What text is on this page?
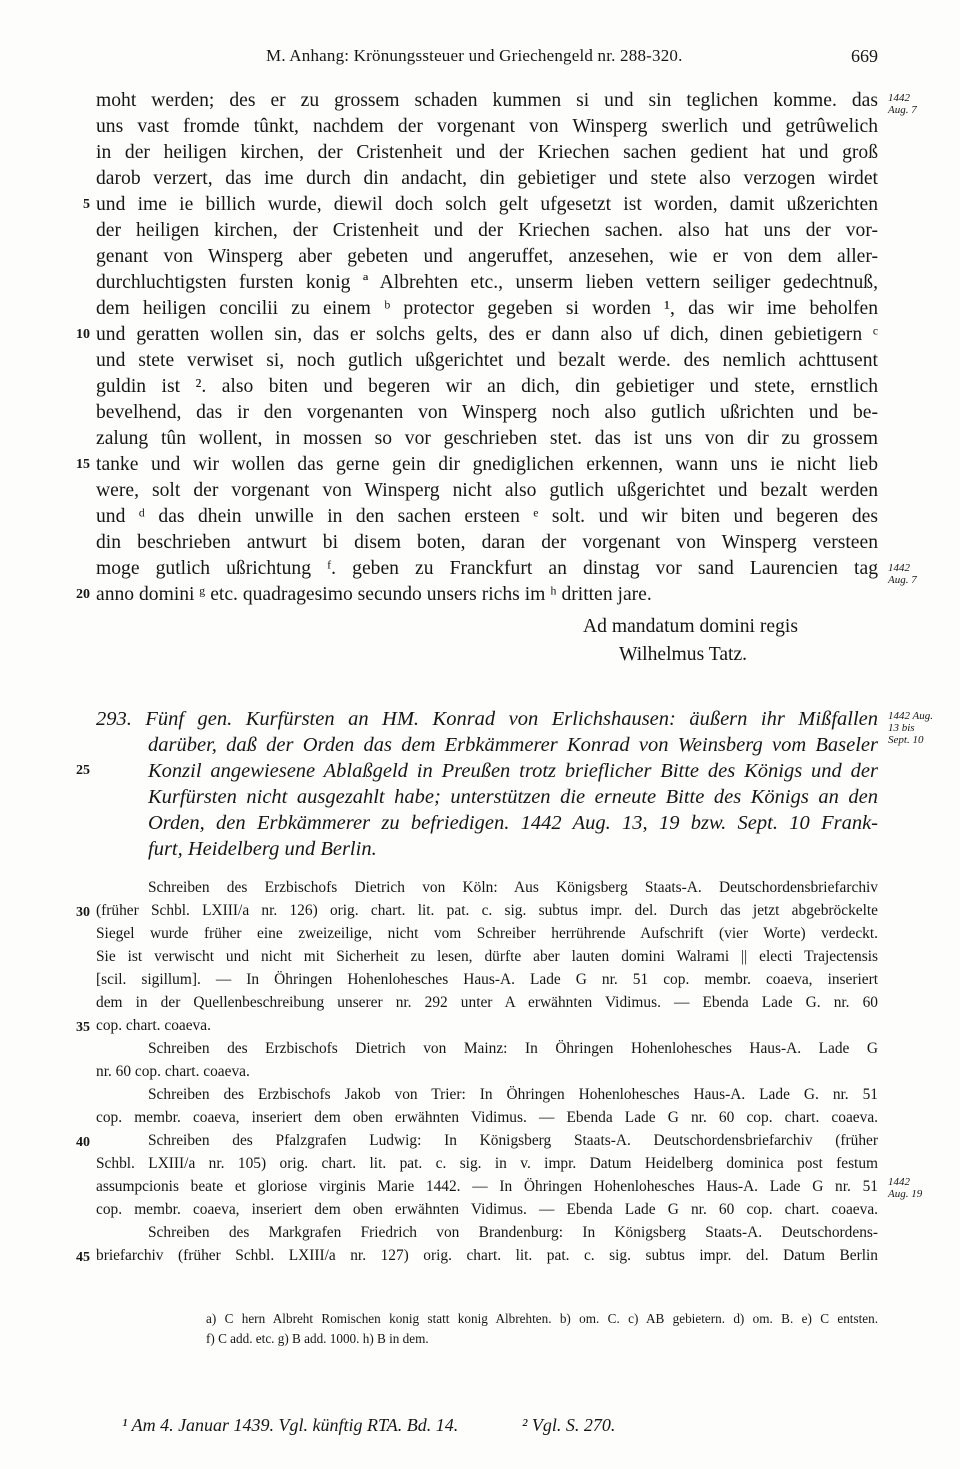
M. Anhang: Krönungssteuer und Griechengeld nr. 288-320.	669
moht werden; des er zu grossem schaden kummen si und sin teglichen komme. das
uns vast fromde tûnkt, nachdem der vorgenant von Winsperg swerlich und getrûwelich
in der heiligen kirchen, der Cristenheit und der Kriechen sachen gedient hat und groß
darob verzert, das ime durch din andacht, din gebietiger und stete also verzogen wirdet
und ime ie billich wurde, diewil doch solch gelt ufgesetzt ist worden, damit ußzerichten
der heiligen kirchen, der Cristenheit und der Kriechen sachen. also hat uns der vor-
genant von Winsperg aber gebeten und angeruffet, anzesehen, wie er von dem aller-
durchluchtigsten fursten konig ª Albrehten etc., unserm lieben vettern seiliger gedechtnuß,
dem heiligen concilii zu einem ᵇ protector gegeben si worden ¹, das wir ime beholfen
und geratten wollen sin, das er solchs gelts, des er dann also uf dich, dinen gebietigern ᶜ
und stete verwiset si, noch gutlich ußgerichtet und bezalt werde. des nemlich achttusent
guldin ist ². also biten und begeren wir an dich, din gebietiger und stete, ernstlich
bevelhend, das ir den vorgenanten von Winsperg noch also gutlich ußrichten und be-
zalung tûn wollent, in mossen so vor geschrieben stet. das ist uns von dir zu grossem
tanke und wir wollen das gerne gein dir gnediglichen erkennen, wann uns ie nicht lieb
were, solt der vorgenant von Winsperg nicht also gutlich ußgerichtet und bezalt werden
und ᵈ das dhein unwille in den sachen ersteen ᵉ solt. und wir biten und begeren des
din beschrieben antwurt bi disem boten, daran der vorgenant von Winsperg versteen
moge gutlich ußrichtung ᶠ. geben zu Franckfurt an dinstag vor sand Laurencien tag
anno domini ᵍ etc. quadragesimo secundo unsers richs im ʰ dritten jare.
Ad mandatum domini regis
Wilhelmus Tatz.
293. Fünf gen. Kurfürsten an HM. Konrad von Erlichshausen: äußern ihr Mißfallen
darüber, daß der Orden das dem Erbkämmerer Konrad von Weinsberg vom Baseler
Konzil angewiesene Ablaßgeld in Preußen trotz brieflicher Bitte des Königs und der
Kurfürsten nicht ausgezahlt habe; unterstützen die erneute Bitte des Königs an den
Orden, den Erbkämmerer zu befriedigen. 1442 Aug. 13, 19 bzw. Sept. 10 Frank-
furt, Heidelberg und Berlin.
Schreiben des Erzbischofs Dietrich von Köln: Aus Königsberg Staats-A. Deutschordensbriefarchiv
(früher Schbl. LXIII/a nr. 126) orig. chart. lit. pat. c. sig. subtus impr. del. Durch das jetzt abgebröckelte
Siegel wurde früher eine zweizeilige, nicht vom Schreiber herrührende Aufschrift (vier Worte) verdeckt.
Sie ist verwischt und nicht mit Sicherheit zu lesen, dürfte aber lauten domini Walrami || electi Trajectensis
[scil. sigillum]. — In Öhringen Hohenlohesches Haus-A. Lade G nr. 51 cop. membr. coaeva, inseriert
dem in der Quellenbeschreibung unserer nr. 292 unter A erwähnten Vidimus. — Ebenda Lade G. nr. 60
cop. chart. coaeva.
Schreiben des Erzbischofs Dietrich von Mainz: In Öhringen Hohenlohesches Haus-A. Lade G
nr. 60 cop. chart. coaeva.
Schreiben des Erzbischofs Jakob von Trier: In Öhringen Hohenlohesches Haus-A. Lade G. nr. 51
cop. membr. coaeva, inseriert dem oben erwähnten Vidimus. — Ebenda Lade G nr. 60 cop. chart. coaeva.
Schreiben des Pfalzgrafen Ludwig: In Königsberg Staats-A. Deutschordensbriefarchiv (früher
Schbl. LXIII/a nr. 105) orig. chart. lit. pat. c. sig. in v. impr. Datum Heidelberg dominica post festum
assumpcionis beate et gloriose virginis Marie 1442. — In Öhringen Hohenlohesches Haus-A. Lade G nr. 51
cop. membr. coaeva, inseriert dem oben erwähnten Vidimus. — Ebenda Lade G nr. 60 cop. chart. coaeva.
Schreiben des Markgrafen Friedrich von Brandenburg: In Königsberg Staats-A. Deutschordens-
briefarchiv (früher Schbl. LXIII/a nr. 127) orig. chart. lit. pat. c. sig. subtus impr. del. Datum Berlin
a) C hern Albreht Romischen konig statt konig Albrehten. b) om. C. c) AB gebietern. d) om. B. e) C entsten.
f) C add. etc. g) B add. 1000. h) B in dem.
¹ Am 4. Januar 1439. Vgl. künftig RTA. Bd. 14.	² Vgl. S. 270.
5
10
15
20
25
30
35
40
45
1442 Aug. 7
1442 Aug. 7
1442 Aug. 13 bis Sept. 10
1442 Aug. 19
